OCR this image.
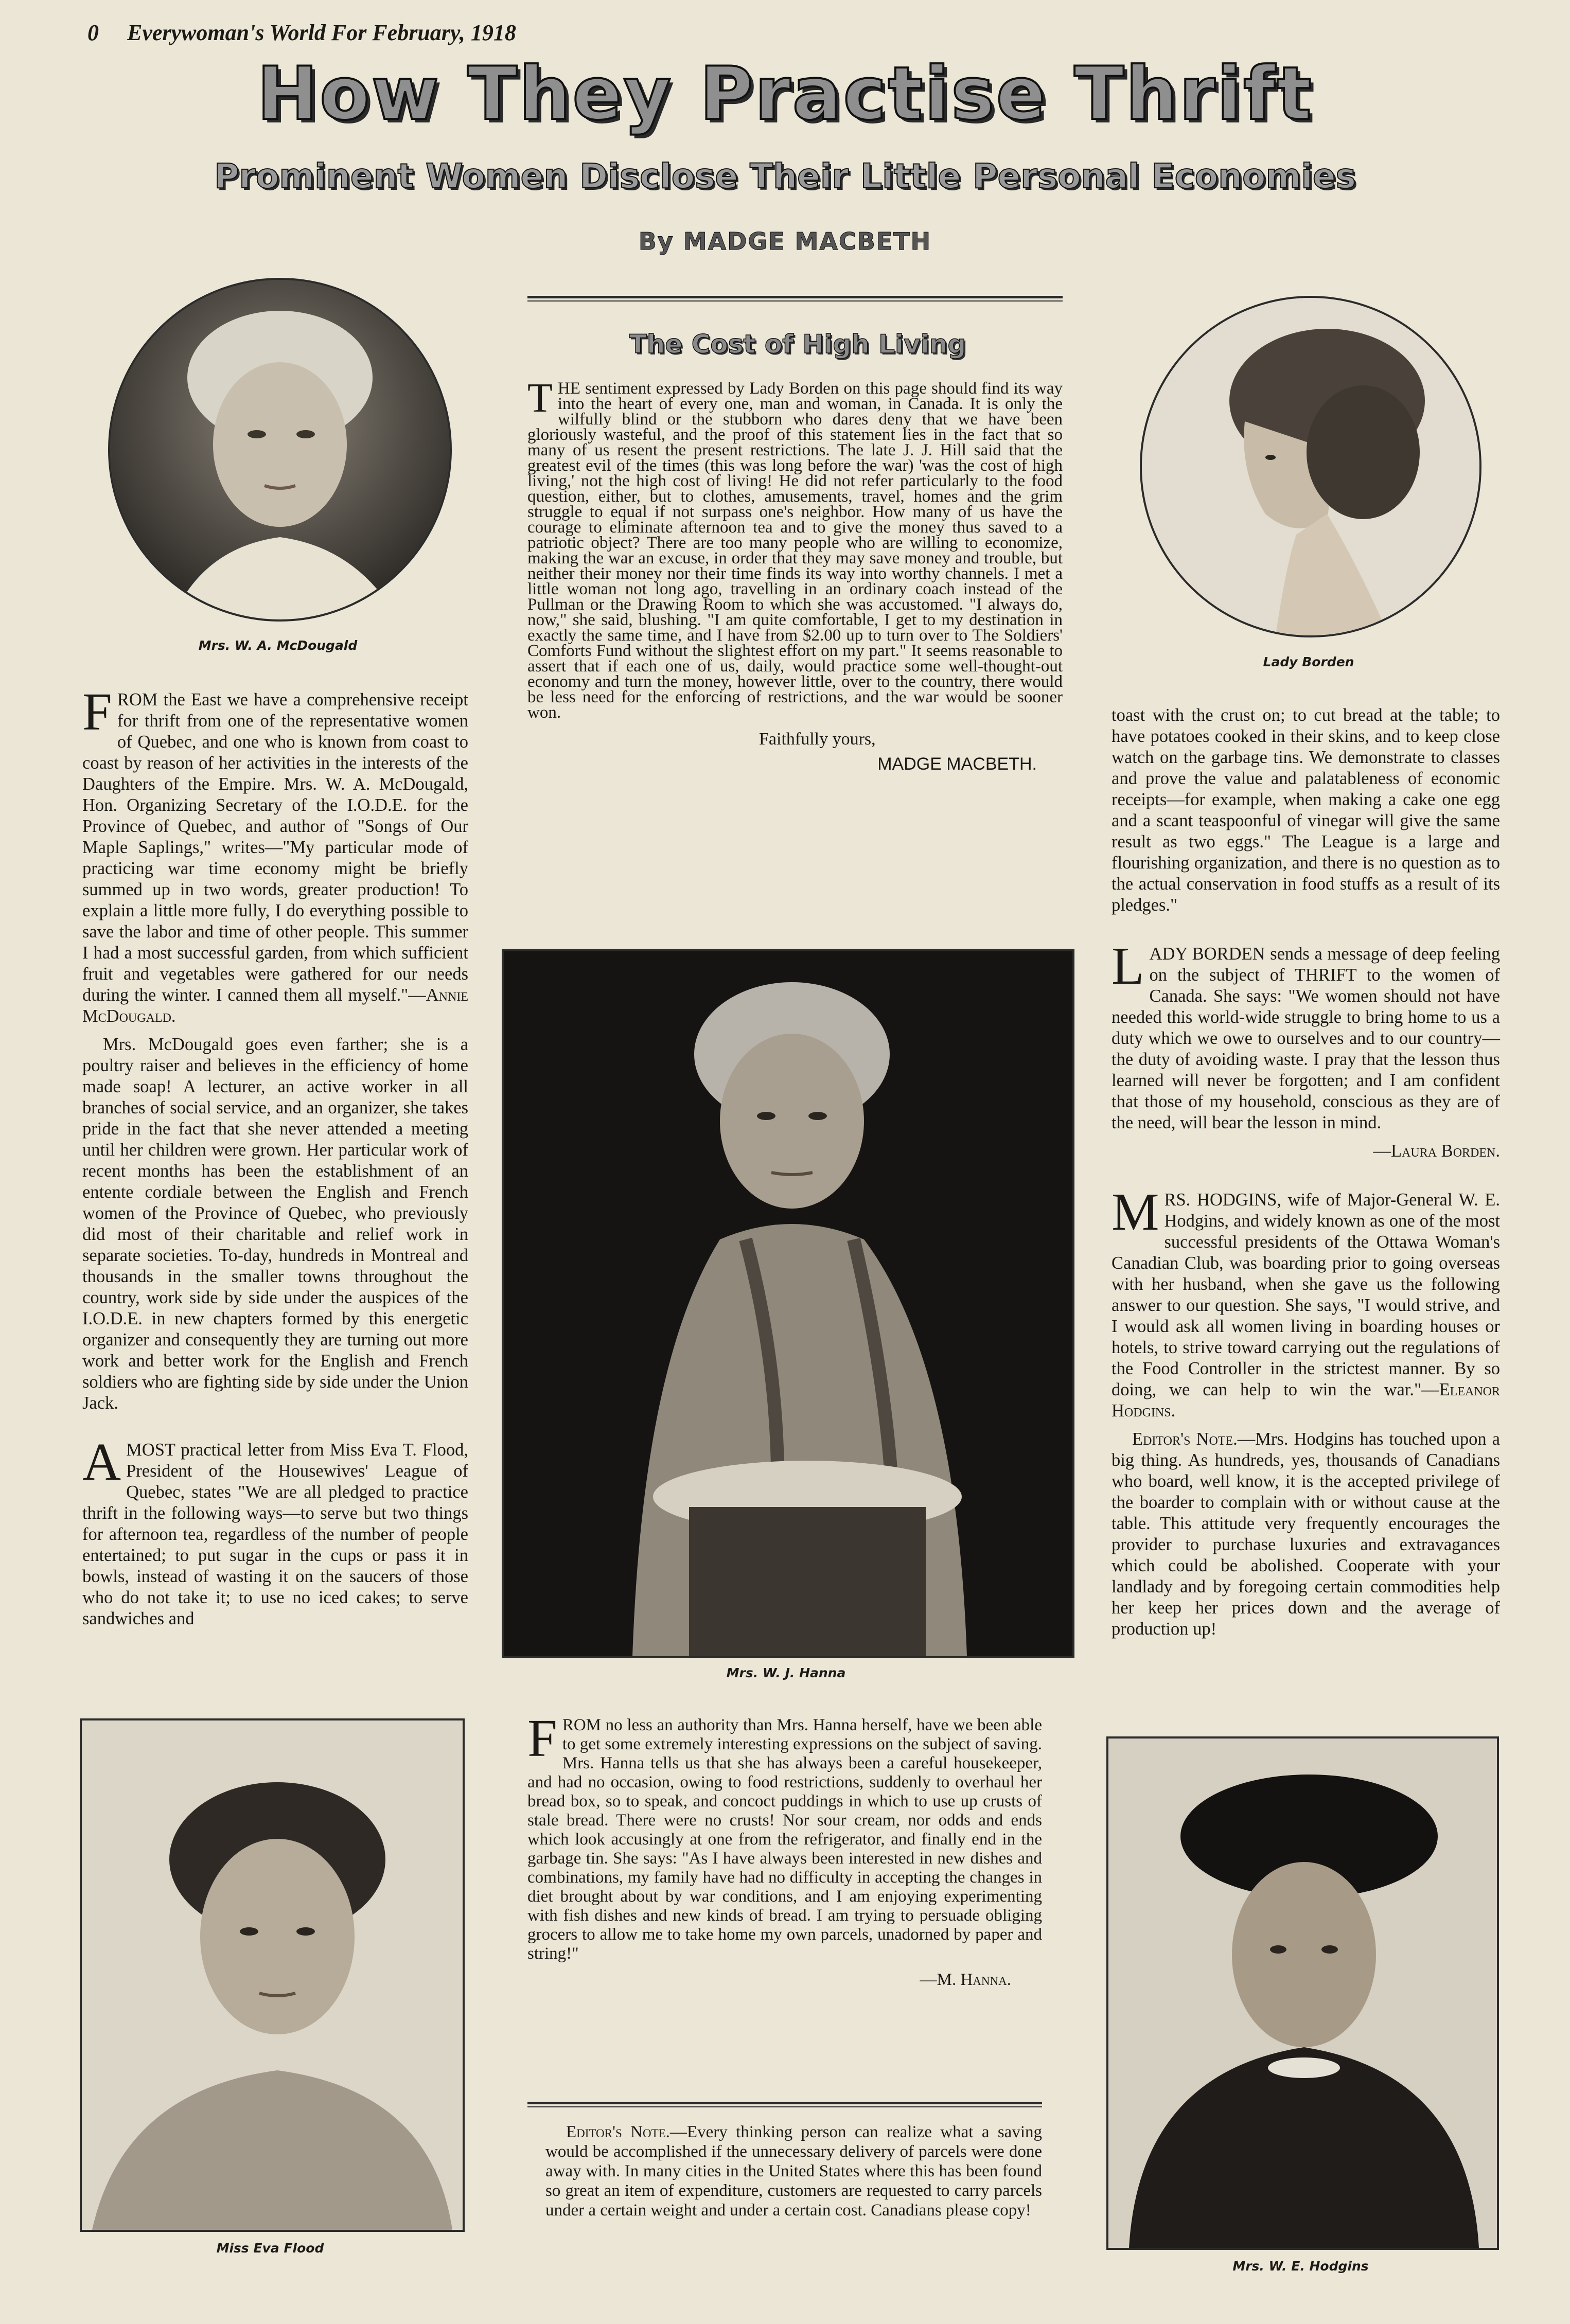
0 Everywoman's World For February, 1918
How They Practise Thrift
Prominent Women Disclose Their Little Personal Economies
By MADGE MACBETH
Mrs. W. A. McDougald
Lady Borden
The Cost of High Living

THE sentiment expressed by Lady Borden on this page should find its way into the heart of every one, man and woman, in Canada. It is only the wilfully blind or the stubborn who dares deny that we have been gloriously wasteful, and the proof of this statement lies in the fact that so many of us resent the present restrictions. The late J. J. Hill said that the greatest evil of the times (this was long before the war) 'was the cost of high living,' not the high cost of living! He did not refer particularly to the food question, either, but to clothes, amusements, travel, homes and the grim struggle to equal if not surpass one's neighbor. How many of us have the courage to eliminate afternoon tea and to give the money thus saved to a patriotic object? There are too many people who are willing to economize, making the war an excuse, in order that they may save money and trouble, but neither their money nor their time finds its way into worthy channels. I met a little woman not long ago, travelling in an ordinary coach instead of the Pullman or the Drawing Room to which she was accustomed. "I always do, now," she said, blushing. "I am quite comfortable, I get to my destination in exactly the same time, and I have from $2.00 up to turn over to The Soldiers' Comforts Fund without the slightest effort on my part." It seems reasonable to assert that if each one of us, daily, would practice some well-thought-out economy and turn the money, however little, over to the country, there would be less need for the enforcing of restrictions, and the war would be sooner won.

Faithfully yours,
MADGE MACBETH.
Mrs. W. J. Hanna

FROM the East we have a comprehensive receipt for thrift from one of the representative women of Quebec, and one who is known from coast to coast by reason of her activities in the interests of the Daughters of the Empire. Mrs. W. A. McDougald, Hon. Organizing Secretary of the I.O.D.E. for the Province of Quebec, and author of "Songs of Our Maple Saplings," writes—"My particular mode of practicing war time economy might be briefly summed up in two words, greater production! To explain a little more fully, I do everything possible to save the labor and time of other people. This summer I had a most successful garden, from which sufficient fruit and vegetables were gathered for our needs during the winter. I canned them all myself."—Annie McDougald.

Mrs. McDougald goes even farther; she is a poultry raiser and believes in the efficiency of home made soap! A lecturer, an active worker in all branches of social service, and an organizer, she takes pride in the fact that she never attended a meeting until her children were grown. Her particular work of recent months has been the establishment of an entente cordiale between the English and French women of the Province of Quebec, who previously did most of their charitable and relief work in separate societies. To-day, hundreds in Montreal and thousands in the smaller towns throughout the country, work side by side under the auspices of the I.O.D.E. in new chapters formed by this energetic organizer and consequently they are turning out more work and better work for the English and French soldiers who are fighting side by side under the Union Jack.

AMOST practical letter from Miss Eva T. Flood, President of the Housewives' League of Quebec, states "We are all pledged to practice thrift in the following ways—to serve but two things for afternoon tea, regardless of the number of people entertained; to put sugar in the cups or pass it in bowls, instead of wasting it on the saucers of those who do not take it; to use no iced cakes; to serve sandwiches and

toast with the crust on; to cut bread at the table; to have potatoes cooked in their skins, and to keep close watch on the garbage tins. We demonstrate to classes and prove the value and palatableness of economic receipts—for example, when making a cake one egg and a scant teaspoonful of vinegar will give the same result as two eggs." The League is a large and flourishing organization, and there is no question as to the actual conservation in food stuffs as a result of its pledges."

LADY BORDEN sends a message of deep feeling on the subject of THRIFT to the women of Canada. She says: "We women should not have needed this world-wide struggle to bring home to us a duty which we owe to ourselves and to our country—the duty of avoiding waste. I pray that the lesson thus learned will never be forgotten; and I am confident that those of my household, conscious as they are of the need, will bear the lesson in mind.

—Laura Borden.

MRS. HODGINS, wife of Major-General W. E. Hodgins, and widely known as one of the most successful presidents of the Ottawa Woman's Canadian Club, was boarding prior to going overseas with her husband, when she gave us the following answer to our question. She says, "I would strive, and I would ask all women living in boarding houses or hotels, to strive toward carrying out the regulations of the Food Controller in the strictest manner. By so doing, we can help to win the war."—Eleanor Hodgins.

Editor's Note.—Mrs. Hodgins has touched upon a big thing. As hundreds, yes, thousands of Canadians who board, well know, it is the accepted privilege of the boarder to complain with or without cause at the table. This attitude very frequently encourages the provider to purchase luxuries and extravagances which could be abolished. Cooperate with your landlady and by foregoing certain commodities help her keep her prices down and the average of production up!

FROM no less an authority than Mrs. Hanna herself, have we been able to get some extremely interesting expressions on the subject of saving. Mrs. Hanna tells us that she has always been a careful housekeeper, and had no occasion, owing to food restrictions, suddenly to overhaul her bread box, so to speak, and concoct puddings in which to use up crusts of stale bread. There were no crusts! Nor sour cream, nor odds and ends which look accusingly at one from the refrigerator, and finally end in the garbage tin. She says: "As I have always been interested in new dishes and combinations, my family have had no difficulty in accepting the changes in diet brought about by war conditions, and I am enjoying experimenting with fish dishes and new kinds of bread. I am trying to persuade obliging grocers to allow me to take home my own parcels, unadorned by paper and string!"

—M. Hanna.

Editor's Note.—Every thinking person can realize what a saving would be accomplished if the unnecessary delivery of parcels were done away with. In many cities in the United States where this has been found so great an item of expenditure, customers are requested to carry parcels under a certain weight and under a certain cost. Canadians please copy!

Miss Eva Flood
Mrs. W. E. Hodgins
